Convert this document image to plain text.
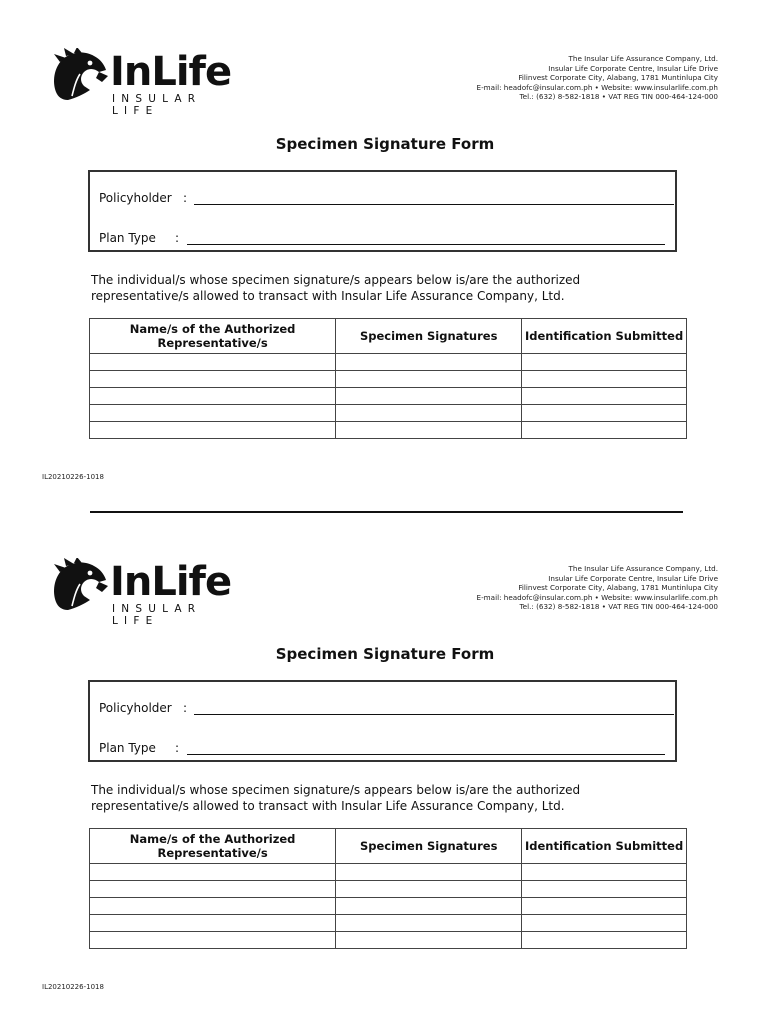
InLife
INSULAR LIFE
The Insular Life Assurance Company, Ltd.
Insular Life Corporate Centre, Insular Life Drive
Filinvest Corporate City, Alabang, 1781 Muntinlupa City
E-mail: headofc@insular.com.ph • Website: www.insularlife.com.ph
Tel.: (632) 8-582-1818 • VAT REG TIN 000-464-124-000
Specimen Signature Form
Policyholder :
Plan Type :
The individual/s whose specimen signature/s appears below is/are the authorized
representative/s allowed to transact with Insular Life Assurance Company, Ltd.
Name/s of the Authorized
Representative/s	Specimen Signatures	Identification Submitted

IL20210226-1018
InLife
INSULAR LIFE
The Insular Life Assurance Company, Ltd.
Insular Life Corporate Centre, Insular Life Drive
Filinvest Corporate City, Alabang, 1781 Muntinlupa City
E-mail: headofc@insular.com.ph • Website: www.insularlife.com.ph
Tel.: (632) 8-582-1818 • VAT REG TIN 000-464-124-000
Specimen Signature Form
Policyholder :
Plan Type :
The individual/s whose specimen signature/s appears below is/are the authorized
representative/s allowed to transact with Insular Life Assurance Company, Ltd.
Name/s of the Authorized
Representative/s	Specimen Signatures	Identification Submitted

IL20210226-1018
